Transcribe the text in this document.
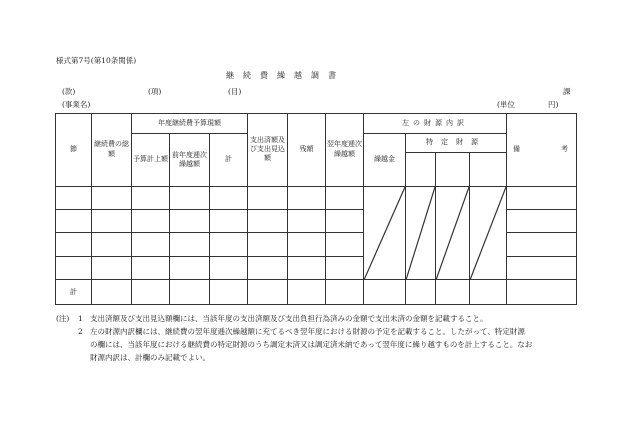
様式第7号(第10条関係)
継続費繰越調書
(款)	(項)	(目)	課
(事業名)	(単位	円)
節	継続費の総額	年度継続費予算現額			支出済額及び支出見込額	残額	翌年度逓次繰越額	左の財源内訳				備 考

		予算計上額	前年度逓次繰越額	計				繰越金	特定財源			

計												
(注) 1 支出済額及び支出見込額欄には、当該年度の支出済額及び支出負担行為済みの金額で支出未済の金額を記載すること。
2 左の財源内訳欄には、継続費の翌年度逓次繰越額に充てるべき翌年度における財源の予定を記載すること。したがって、特定財源
の欄には、当該年度における継続費の特定財源のうち調定未済又は調定済未納であって翌年度に繰り越すものを計上すること。なお
財源内訳は、計欄のみ記載でよい。
